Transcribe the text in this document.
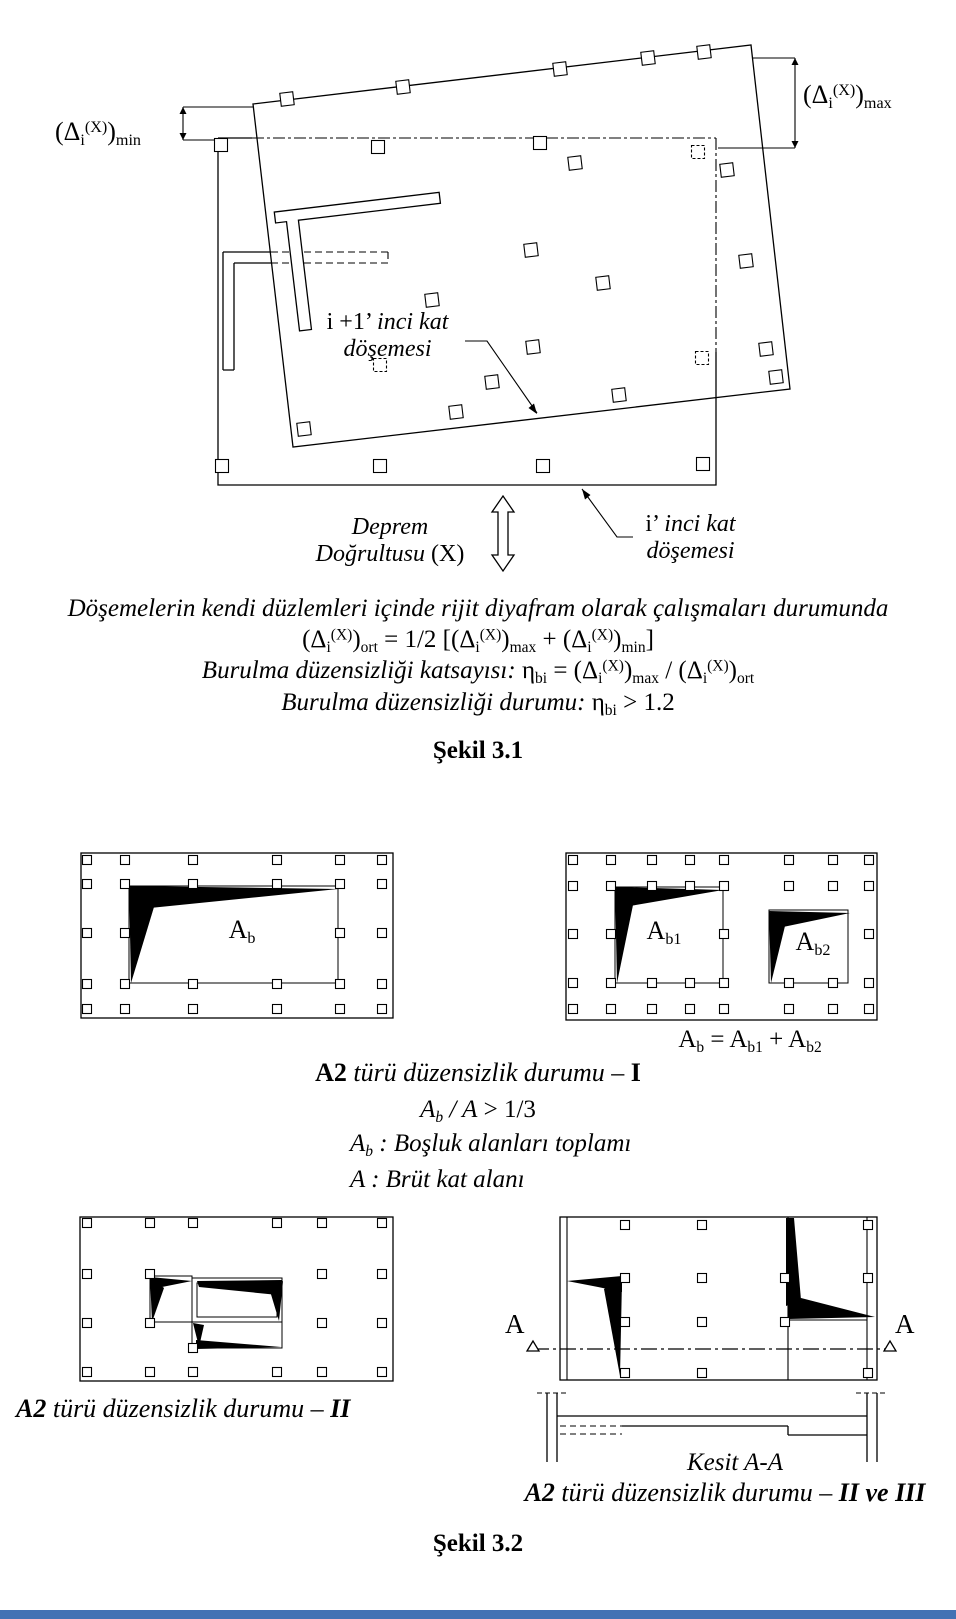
$(\Delta_i^{(X)})_{min}$
$(\Delta_i^{(X)})_{max}$
i +1’ inci kat
döşemesi
Deprem
Doğrultusu (X)
i’ inci kat
döşemesi
Döşemelerin kendi düzlemleri içinde rijit diyafram olarak çalışmaları durumunda
$(\Delta_i^{(X)})_{ort} = 1/2$ $[(\Delta_i^{(X)})_{max} + (\Delta_i^{(X)})_{min}]$
Burulma düzensizliği katsayısı: $\eta_{bi} = (\Delta_i^{(X)})_{max} / (\Delta_i^{(X)})_{ort}$
Burulma düzensizliği durumu: $\eta_{bi} > 1.2$
Şekil 3.1
$A_b$	$A_{b1}$	$A_{b2}$
$A_b = A_{b1} + A_{b2}$
A2 türü düzensizlik durumu – I
$A_b / A > 1/3$
$A_b$ : Boşluk alanları toplamı
A : Brüt kat alanı
A2 türü düzensizlik durumu – II
A	A
Kesit A-A
A2 türü düzensizlik durumu – II ve III
Şekil 3.2
